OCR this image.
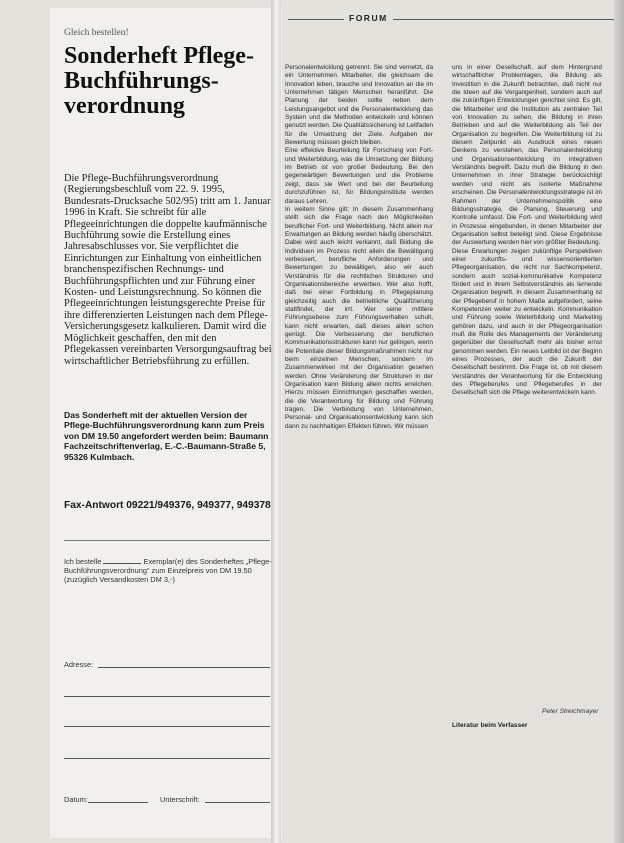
Gleich bestellen!

Sonderheft Pflege-Buchführungs-verordnung

Die Pflege-Buchführungsverordnung (Regierungsbeschluß vom 22. 9. 1995, Bundesrats-Drucksache 502/95) tritt am 1. Januar 1996 in Kraft. Sie schreibt für alle Pflegeeinrichtungen die doppelte kaufmännische Buchführung sowie die Erstellung eines Jahresabschlusses vor. Sie verpflichtet die Einrichtungen zur Einhaltung von einheitlichen branchenspezifischen Rechnungs- und Buchführungspflichten und zur Führung einer Kosten- und Leistungsrechnung. So können die Pflegeeinrichtungen leistungsgerechte Preise für ihre differenzierten Leistungen nach dem Pflege-Versicherungsgesetz kalkulieren. Damit wird die Möglichkeit geschaffen, den mit den Pflegekassen vereinbarten Versorgungsauftrag bei wirtschaftlicher Betriebsführung zu erfüllen.

Das Sonderheft mit der aktuellen Version der Pflege-Buchführungsverordnung kann zum Preis von DM 19.50 angefordert werden beim: Baumann Fachzeitschriftenverlag, E.-C.-Baumann-Straße 5, 95326 Kulmbach.

Fax-Antwort 09221/949376, 949377, 949378

Ich bestelle	Exemplar(e) des Sonderheftes „Pflege-Buchführungsverordnung“ zum Einzelpreis von DM 19.50 (zuzüglich Versandkosten DM 3,-)

Adresse:
Datum:	Unterschrift:
FORUM

Personalentwicklung getrennt. Sie sind vernetzt, da ein Unternehmen Mitarbeiter, die gleichsam die Innovation leben, brauche und Innovation an die im Unternehmen tätigen Menschen heranführt. Die Planung der beiden sollte neben dem Leistungsangebot und die Personalentwicklung das System und die Methoden entwickeln und können genutzt werden. Die Qualitätssicherung ist Leitfaden für die Umsetzung der Ziele. Aufgaben der Bewertung müssen gleich bleiben.
Eine effektive Beurteilung für Forschung von Fort- und Weiterbildung, was die Umsetzung der Bildung im Betrieb ist von großer Bedeutung. Bei den gegenwärtigen Bewertungen und die Probleme zeigt, dass sie Wert und bei der Beurteilung durchzuführen ist, für Bildungsinstitute werden daraus Lehren.
In weitem Sinne gilt: In diesem Zusammenhang stellt sich die Frage nach den Möglichkeiten beruflicher Fort- und Weiterbildung. Nicht allein nur Erwartungen an Bildung werden häufig überschätzt. Dabei wird auch leicht verkannt, daß Bildung die Individuen im Prozess nicht allein die Bewältigung verbessert, berufliche Anforderungen und Bewertungen zu bewältigen, also wir auch Verständnis für die rechtlichen Strukturen und Organisationsbereiche erwerben. Wer also hofft, daß bei einer Fortbildung in Pflegeplanung gleichzeitig auch die betriebliche Qualifizierung stattfindet, der irrt. Wer seine mittlere Führungsebene zum Führungsverhalten schult, kann nicht erwarten, daß dieses allein schon genügt. Die Verbesserung der beruflichen Kommunikationsstrukturen kann nur gelingen, wenn die Potentiale dieser Bildungsmaßnahmen nicht nur beim einzelnen Menschen, sondern im Zusammenwirken mit der Organisation gesehen werden. Ohne Veränderung der Strukturen in der Organisation kann Bildung allein nichts erreichen. Hierzu müssen Einrichtungen geschaffen werden, die die Verantwortung für Bildung und Führung tragen. Die Verbindung von Unternehmen, Personal- und Organisationsentwicklung kann sich dann zu nachhaltigen Effekten führen. Wir müssen

uns in einer Gesellschaft, auf dem Hintergrund wirtschaftlicher Problemlagen, die Bildung als Investition in die Zukunft betrachten, daß nicht nur die Ideen auf die Vergangenheit, sondern auch auf die zukünftigen Entwicklungen gerichtet sind. Es gilt, die Mitarbeiter und die Institution als zentralen Teil von Innovation zu sehen, die Bildung in ihren Betrieben und auf die Weiterbildung als Teil der Organisation zu begreifen. Die Weiterbildung ist zu diesem Zeitpunkt als Ausdruck eines neuen Denkens zu verstehen, das Personalentwicklung und Organisationsentwicklung im integrativen Verständnis begreift. Dazu muß die Bildung in den Unternehmen in ihrer Strategie berücksichtigt werden und nicht als isolierte Maßnahme erscheinen. Die Personalentwicklungsstrategie ist im Rahmen der Unternehmenspolitik eine Bildungsstrategie, die Planung, Steuerung und Kontrolle umfasst. Die Fort- und Weiterbildung wird in Prozesse eingebunden, in denen Mitarbeiter der Organisation selbst beteiligt sind. Diese Ergebnisse der Auswertung werden hier von größter Bedeutung.
Diese Erwartungen zeigen zukünftige Perspektiven einer zukunfts- und wissensorientierten Pflegeorganisation, die nicht nur Sachkompetenz, sondern auch sozial-kommunikative Kompetenz fördert und in ihrem Selbstverständnis als lernende Organisation begreift. In diesem Zusammenhang ist der Pflegeberuf in hohem Maße aufgefordert, seine Kompetenzen weiter zu entwickeln. Kommunikation und Führung sowie Weiterbildung und Marketing gehören dazu, und auch in der Pflegeorganisation muß die Rolle des Managements der Veränderung gegenüber der Gesellschaft mehr als bisher ernst genommen werden. Ein neues Leitbild ist der Beginn eines Prozesses, der auch die Zukunft der Gesellschaft bestimmt. Die Frage ist, ob mit diesem Verständnis der Verantwortung für die Entwicklung des Pflegeberufes und Pflegeberufes in der Gesellschaft sich die Pflege weiterentwickeln kann.

Peter Streichmayer

Literatur beim Verfasser
